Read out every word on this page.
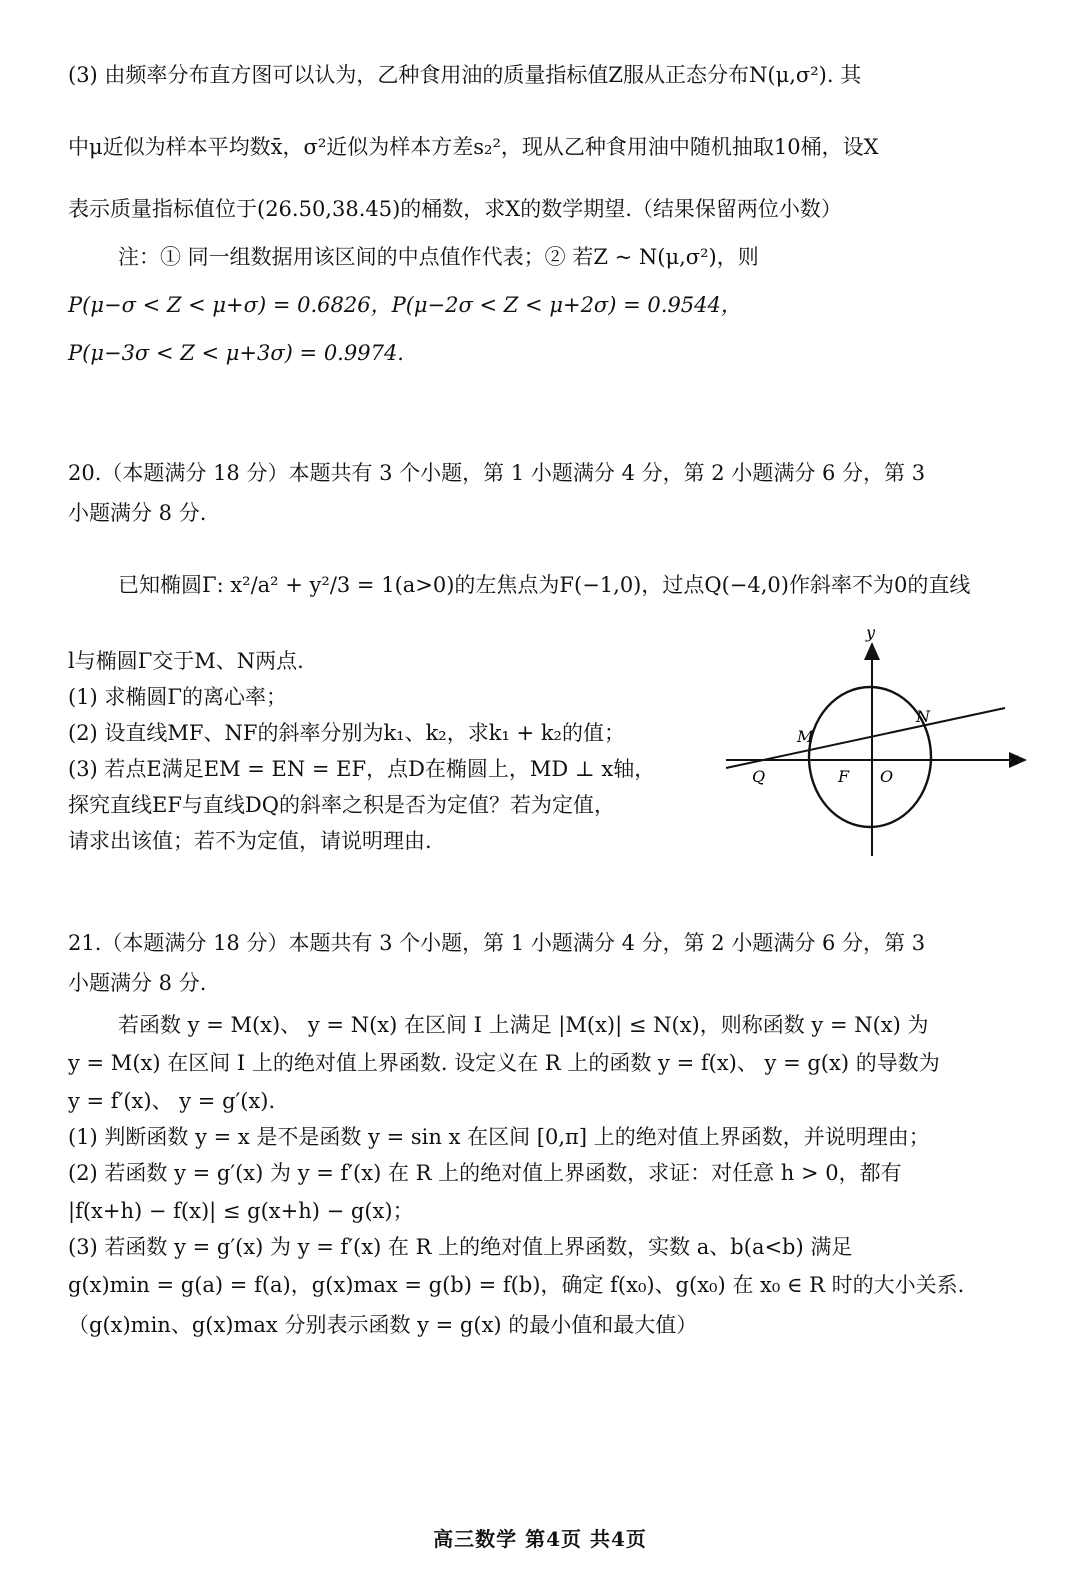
(3) 由频率分布直方图可以认为，乙种食用油的质量指标值Z服从正态分布N(μ,σ²). 其
中μ近似为样本平均数x̄，σ²近似为样本方差s₂²，现从乙种食用油中随机抽取10桶，设X
表示质量指标值位于(26.50,38.45)的桶数，求X的数学期望.（结果保留两位小数）
注：① 同一组数据用该区间的中点值作代表；② 若Z ~ N(μ,σ²)，则
P(μ−σ < Z < μ+σ) = 0.6826，P(μ−2σ < Z < μ+2σ) = 0.9544，
P(μ−3σ < Z < μ+3σ) = 0.9974.
20.（本题满分 18 分）本题共有 3 个小题，第 1 小题满分 4 分，第 2 小题满分 6 分，第 3
小题满分 8 分.
已知椭圆Γ: x²/a² + y²/3 = 1(a>0)的左焦点为F(−1,0)，过点Q(−4,0)作斜率不为0的直线
l与椭圆Γ交于M、N两点.
(1) 求椭圆Γ的离心率；
(2) 设直线MF、NF的斜率分别为k₁、k₂，求k₁ + k₂的值；
(3) 若点E满足EM = EN = EF，点D在椭圆上，MD ⊥ x轴，
探究直线EF与直线DQ的斜率之积是否为定值？若为定值，
请求出该值；若不为定值，请说明理由.
y
x
N
M
Q	F O
21.（本题满分 18 分）本题共有 3 个小题，第 1 小题满分 4 分，第 2 小题满分 6 分，第 3
小题满分 8 分.
若函数 y = M(x)、 y = N(x) 在区间 I 上满足 |M(x)| ≤ N(x)，则称函数 y = N(x) 为
y = M(x) 在区间 I 上的绝对值上界函数. 设定义在 R 上的函数 y = f(x)、 y = g(x) 的导数为
y = f′(x)、 y = g′(x).
(1) 判断函数 y = x 是不是函数 y = sin x 在区间 [0,π] 上的绝对值上界函数，并说明理由；
(2) 若函数 y = g′(x) 为 y = f′(x) 在 R 上的绝对值上界函数，求证：对任意 h > 0，都有
|f(x+h) − f(x)| ≤ g(x+h) − g(x)；
(3) 若函数 y = g′(x) 为 y = f′(x) 在 R 上的绝对值上界函数，实数 a、b(a<b) 满足
g(x)min = g(a) = f(a)，g(x)max = g(b) = f(b)，确定 f(x₀)、g(x₀) 在 x₀ ∈ R 时的大小关系.
（g(x)min、g(x)max 分别表示函数 y = g(x) 的最小值和最大值）
高三数学 第4页 共4页
